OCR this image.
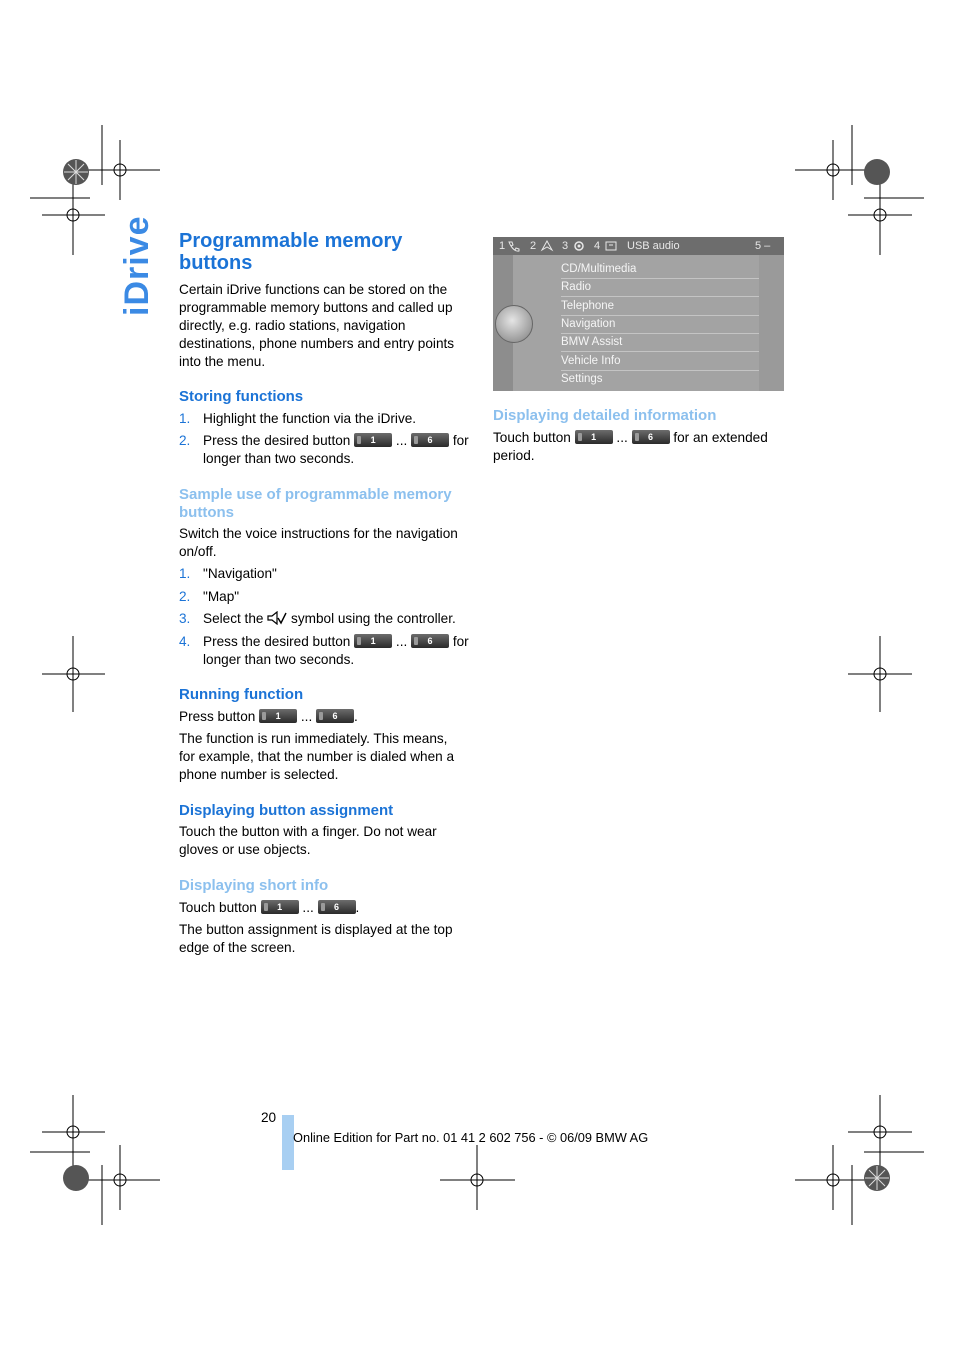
iDrive Programmable memory buttons

Certain iDrive functions can be stored on the programmable memory buttons and called up directly, e.g. radio stations, navigation destinations, phone numbers and entry points into the menu.

Storing functions
1. Highlight the function via the iDrive.
2. Press the desired button 1 ... 6 for longer than two seconds.
Sample use of programmable memory buttons

Switch the voice instructions for the navigation on/off.

1. "Navigation"
2. "Map"
3. Select the symbol using the controller.
4. Press the desired button 1 ... 6 for longer than two seconds.
Running function

Press button 1 ... 6 .

The function is run immediately. This means, for example, that the number is dialed when a phone number is selected.

Displaying button assignment

Touch the button with a finger. Do not wear gloves or use objects.

Displaying short info

Touch button 1 ... 6 .

The button assignment is displayed at the top edge of the screen.

1 2 3 4 USB audio	5 –
CD/Multimedia
Radio
Telephone
Navigation
BMW Assist
Vehicle Info
Settings
Displaying detailed information

Touch button 1 ... 6 for an extended period.

20
Online Edition for Part no. 01 41 2 602 756 - © 06/09 BMW AG
